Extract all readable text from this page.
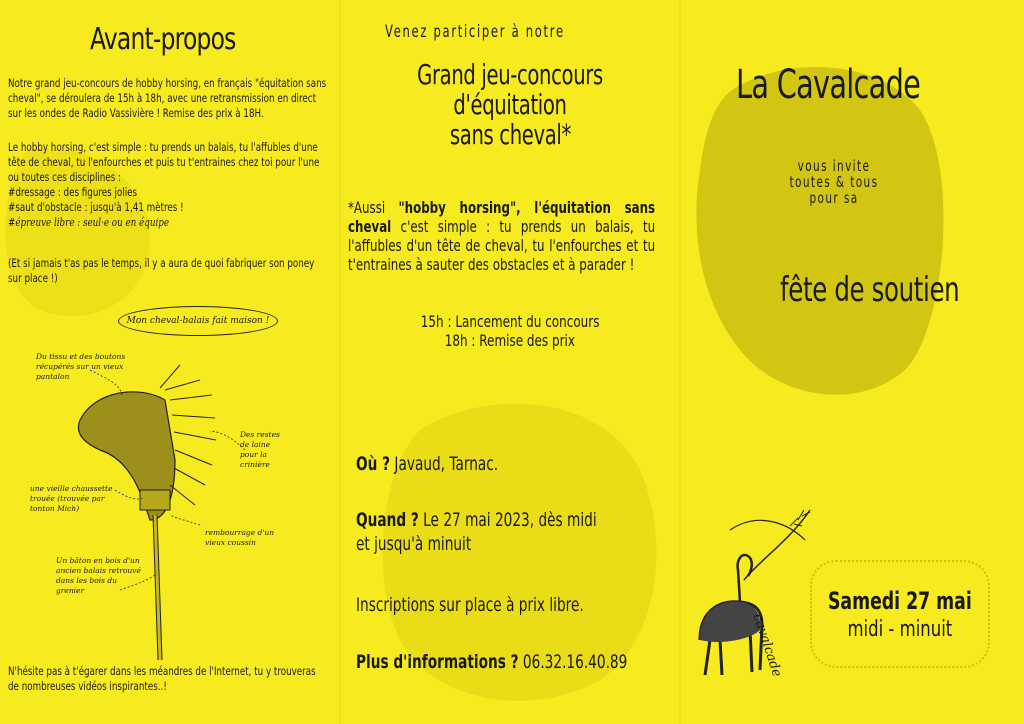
Avant-propos
Notre grand jeu-concours de hobby horsing, en français "équitation sans cheval", se déroulera de 15h à 18h, avec une retransmission en direct sur les ondes de Radio Vassivière ! Remise des prix à 18H.
Le hobby horsing, c'est simple : tu prends un balais, tu l'affubles d'une tête de cheval, tu l'enfourches et puis tu t'entraines chez toi pour l'une ou toutes ces disciplines :
#dressage : des figures jolies
#saut d'obstacle : jusqu'à 1,41 mètres !
#épreuve libre : seul·e ou en équipe
(Et si jamais t'as pas le temps, il y a aura de quoi fabriquer son poney sur place !)
Mon cheval-balais fait maison !
Du tissu et des boutons récupérés sur un vieux pantalon
Des restes de laine pour la crinière
une vieille chaussette trouée (trouvée par tonton Mich)
rembourrage d'un vieux coussin
Un bâton en bois d'un ancien balais retrouvé dans les bois du grenier
N'hésite pas à t'égarer dans les méandres de l'Internet, tu y trouveras de nombreuses vidéos inspirantes..!
Venez participer à notre
Grand jeu-concours d'équitation
sans cheval*
*Aussi "hobby horsing", l'équitation sans cheval c'est simple : tu prends un balais, tu l'affubles d'un tête de cheval, tu l'enfourches et tu t'entraines à sauter des obstacles et à parader !
15h : Lancement du concours
18h : Remise des prix
Où ? Javaud, Tarnac.
Quand ? Le 27 mai 2023, dès midi
et jusqu'à minuit
Inscriptions sur place à prix libre.
Plus d'informations ? 06.32.16.40.89
La Cavalcade
vous invite toutes & tous pour sa
fête de soutien
cavalcade
Samedi 27 mai
midi - minuit
